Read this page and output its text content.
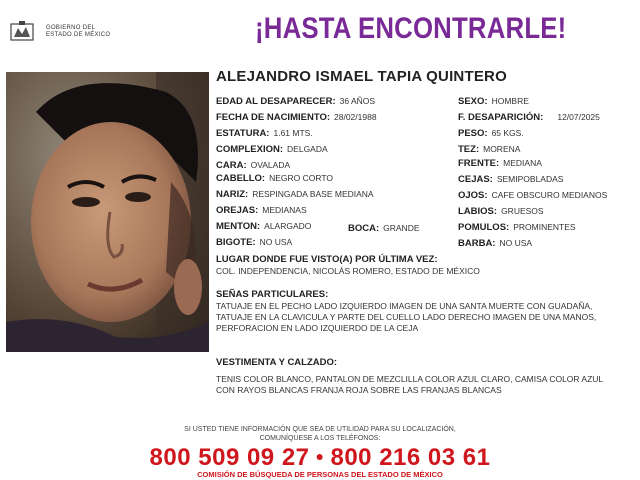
GOBIERNO DEL
ESTADO DE MÉXICO	¡HASTA ENCONTRARLE!
ALEJANDRO ISMAEL TAPIA QUINTERO
EDAD AL DESAPARECER: 36 AÑOS
FECHA DE NACIMIENTO: 28/02/1988
ESTATURA: 1.61 MTS.
COMPLEXION: DELGADA
CARA: OVALADA
CABELLO: NEGRO CORTO
NARIZ: RESPINGADA BASE MEDIANA
OREJAS: MEDIANAS
MENTON: ALARGADO	BOCA: GRANDE
BIGOTE: NO USA
SEXO: HOMBRE
F. DESAPARICIÓN: 12/07/2025
PESO: 65 KGS.
TEZ: MORENA
FRENTE: MEDIANA
CEJAS: SEMIPOBLADAS
OJOS: CAFE OBSCURO MEDIANOS
LABIOS: GRUESOS
POMULOS: PROMINENTES
BARBA: NO USA
LUGAR DONDE FUE VISTO(A) POR ÚLTIMA VEZ:
COL. INDEPENDENCIA, NICOLÁS ROMERO, ESTADO DE MÉXICO
SEÑAS PARTICULARES:
TATUAJE EN EL PECHO LADO IZQUIERDO IMAGEN DE UNA SANTA MUERTE CON GUADAÑA, TATUAJE EN LA CLAVICULA Y PARTE DEL CUELLO LADO DERECHO IMAGEN DE UNA MANOS, PERFORACION EN LADO IZQUIERDO DE LA CEJA
VESTIMENTA Y CALZADO:
TENIS COLOR BLANCO, PANTALON DE MEZCLILLA COLOR AZUL CLARO, CAMISA COLOR AZUL CON RAYOS BLANCAS FRANJA ROJA SOBRE LAS FRANJAS BLANCAS
SI USTED TIENE INFORMACIÓN QUE SEA DE UTILIDAD PARA SU LOCALIZACIÓN,
COMUNÍQUESE A LOS TELÉFONOS:
800 509 09 27 ● 800 216 03 61
COMISIÓN DE BÚSQUEDA DE PERSONAS DEL ESTADO DE MÉXICO
